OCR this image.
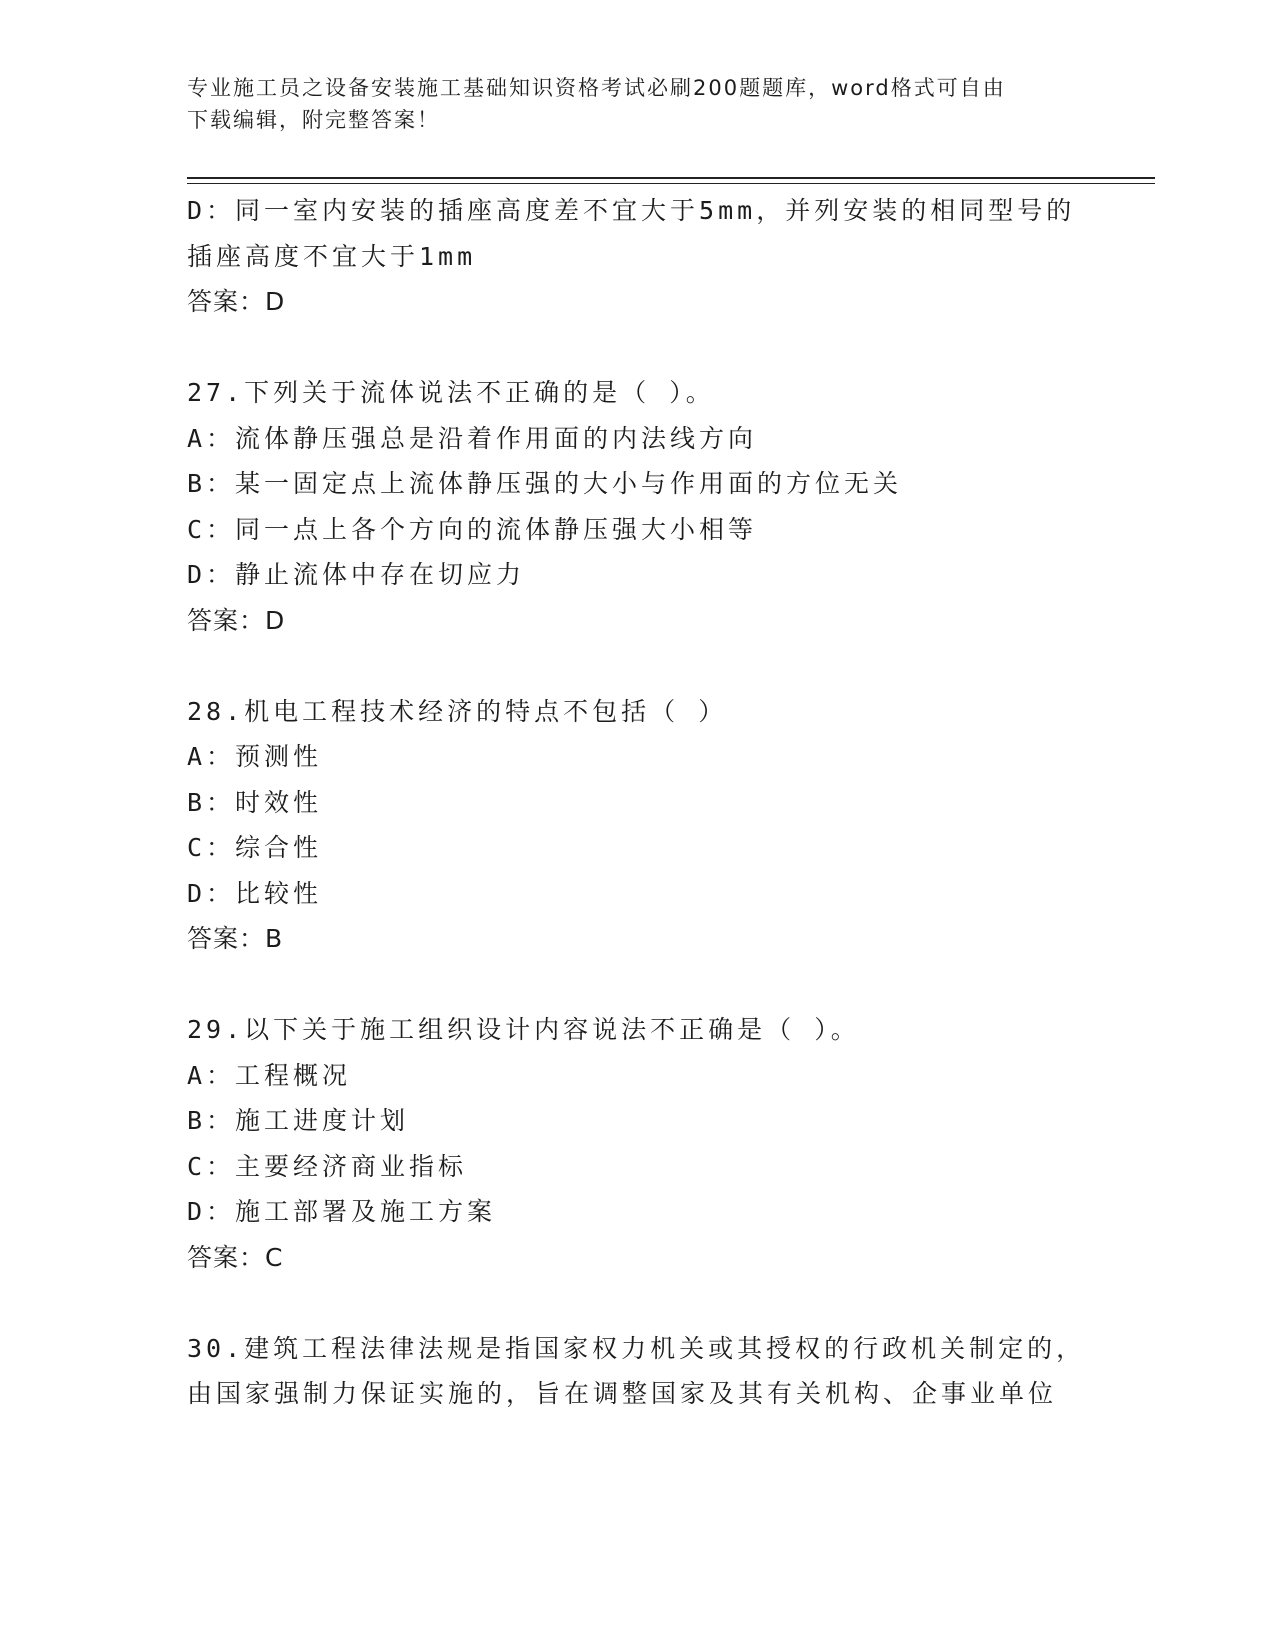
专业施工员之设备安装施工基础知识资格考试必刷200题题库，word格式可自由
下载编辑，附完整答案！
D：同一室内安装的插座高度差不宜大于5mm，并列安装的相同型号的
插座高度不宜大于1mm
答案：D
27.下列关于流体说法不正确的是（ ）。
A：流体静压强总是沿着作用面的内法线方向
B：某一固定点上流体静压强的大小与作用面的方位无关
C：同一点上各个方向的流体静压强大小相等
D：静止流体中存在切应力
答案：D
28.机电工程技术经济的特点不包括（ ）
A：预测性
B：时效性
C：综合性
D：比较性
答案：B
29.以下关于施工组织设计内容说法不正确是（ ）。
A：工程概况
B：施工进度计划
C：主要经济商业指标
D：施工部署及施工方案
答案：C
30.建筑工程法律法规是指国家权力机关或其授权的行政机关制定的，
由国家强制力保证实施的，旨在调整国家及其有关机构、企事业单位
